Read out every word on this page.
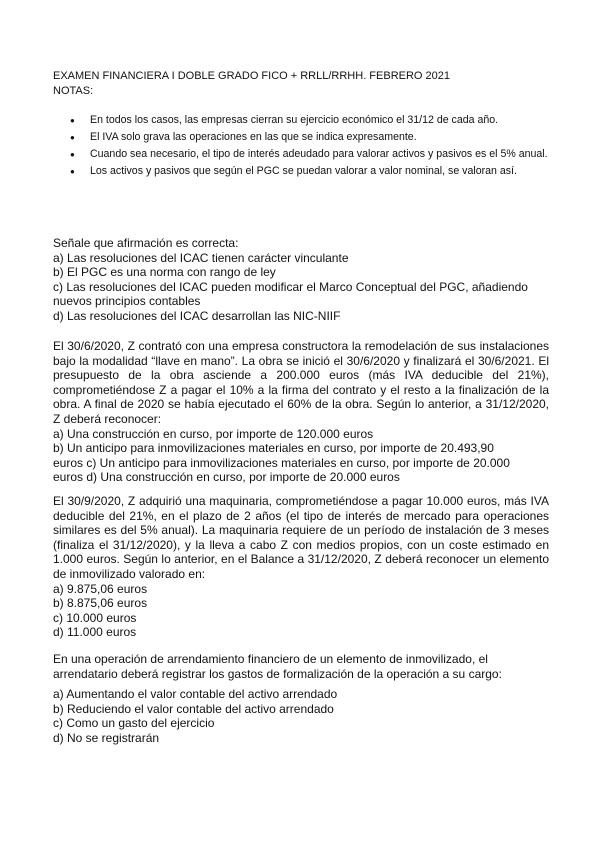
EXAMEN FINANCIERA I DOBLE GRADO FICO + RRLL/RRHH. FEBRERO 2021
NOTAS:
● En todos los casos, las empresas cierran su ejercicio económico el 31/12 de cada año.
● El IVA solo grava las operaciones en las que se indica expresamente.
● Cuando sea necesario, el tipo de interés adeudado para valorar activos y pasivos es el 5% anual.
● Los activos y pasivos que según el PGC se puedan valorar a valor nominal, se valoran así.

Señale que afirmación es correcta:

a) Las resoluciones del ICAC tienen carácter vinculante
b) El PGC es una norma con rango de ley
c) Las resoluciones del ICAC pueden modificar el Marco Conceptual del PGC, añadiendo nuevos principios contables
d) Las resoluciones del ICAC desarrollan las NIC-NIIF

El 30/6/2020, Z contrató con una empresa constructora la remodelación de sus instalaciones bajo la modalidad “llave en mano”. La obra se inició el 30/6/2020 y finalizará el 30/6/2021. El presupuesto de la obra asciende a 200.000 euros (más IVA deducible del 21%), comprometiéndose Z a pagar el 10% a la firma del contrato y el resto a la finalización de la obra. A final de 2020 se había ejecutado el 60% de la obra. Según lo anterior, a 31/12/2020, Z deberá reconocer:

a) Una construcción en curso, por importe de 120.000 euros
b) Un anticipo para inmovilizaciones materiales en curso, por importe de 20.493,90
euros c) Un anticipo para inmovilizaciones materiales en curso, por importe de 20.000
euros d) Una construcción en curso, por importe de 20.000 euros

El 30/9/2020, Z adquirió una maquinaria, comprometiéndose a pagar 10.000 euros, más IVA deducible del 21%, en el plazo de 2 años (el tipo de interés de mercado para operaciones similares es del 5% anual). La maquinaria requiere de un período de instalación de 3 meses (finaliza el 31/12/2020), y la lleva a cabo Z con medios propios, con un coste estimado en 1.000 euros. Según lo anterior, en el Balance a 31/12/2020, Z deberá reconocer un elemento de inmovilizado valorado en:

a) 9.875,06 euros
b) 8.875,06 euros
c) 10.000 euros
d) 11.000 euros

En una operación de arrendamiento financiero de un elemento de inmovilizado, el arrendatario deberá registrar los gastos de formalización de la operación a su cargo:

a) Aumentando el valor contable del activo arrendado
b) Reduciendo el valor contable del activo arrendado
c) Como un gasto del ejercicio
d) No se registrarán
